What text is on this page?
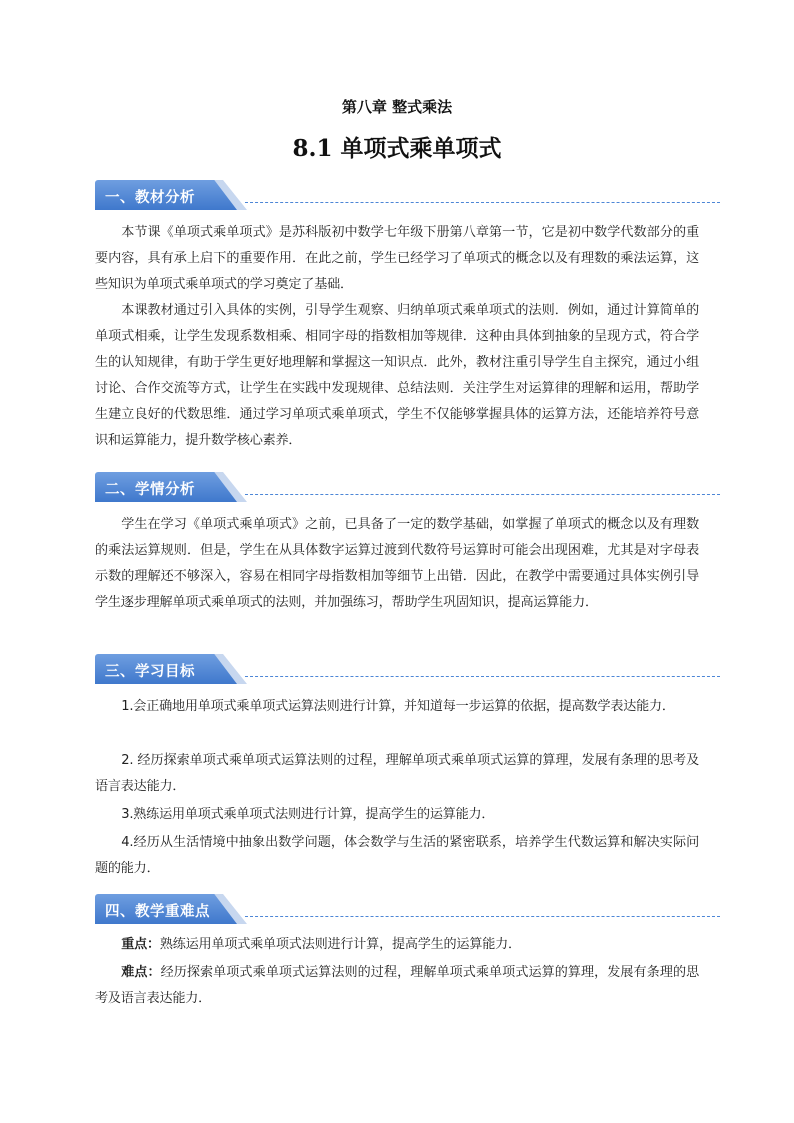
第八章 整式乘法
8.1 单项式乘单项式
一、教材分析
本节课《单项式乘单项式》是苏科版初中数学七年级下册第八章第一节，它是初中数学代数部分的重要内容，具有承上启下的重要作用．在此之前，学生已经学习了单项式的概念以及有理数的乘法运算，这些知识为单项式乘单项式的学习奠定了基础．
本课教材通过引入具体的实例，引导学生观察、归纳单项式乘单项式的法则．例如，通过计算简单的单项式相乘，让学生发现系数相乘、相同字母的指数相加等规律．这种由具体到抽象的呈现方式，符合学生的认知规律，有助于学生更好地理解和掌握这一知识点．此外，教材注重引导学生自主探究，通过小组讨论、合作交流等方式，让学生在实践中发现规律、总结法则．关注学生对运算律的理解和运用，帮助学生建立良好的代数思维．通过学习单项式乘单项式，学生不仅能够掌握具体的运算方法，还能培养符号意识和运算能力，提升数学核心素养．
二、学情分析
学生在学习《单项式乘单项式》之前，已具备了一定的数学基础，如掌握了单项式的概念以及有理数的乘法运算规则．但是，学生在从具体数字运算过渡到代数符号运算时可能会出现困难，尤其是对字母表示数的理解还不够深入，容易在相同字母指数相加等细节上出错．因此，在教学中需要通过具体实例引导学生逐步理解单项式乘单项式的法则，并加强练习，帮助学生巩固知识，提高运算能力．
三、学习目标
1.会正确地用单项式乘单项式运算法则进行计算，并知道每一步运算的依据，提高数学表达能力．
2. 经历探索单项式乘单项式运算法则的过程，理解单项式乘单项式运算的算理，发展有条理的思考及语言表达能力．
3.熟练运用单项式乘单项式法则进行计算，提高学生的运算能力．
4.经历从生活情境中抽象出数学问题，体会数学与生活的紧密联系，培养学生代数运算和解决实际问题的能力．
四、教学重难点
重点：熟练运用单项式乘单项式法则进行计算，提高学生的运算能力．
难点：经历探索单项式乘单项式运算法则的过程，理解单项式乘单项式运算的算理，发展有条理的思考及语言表达能力．
